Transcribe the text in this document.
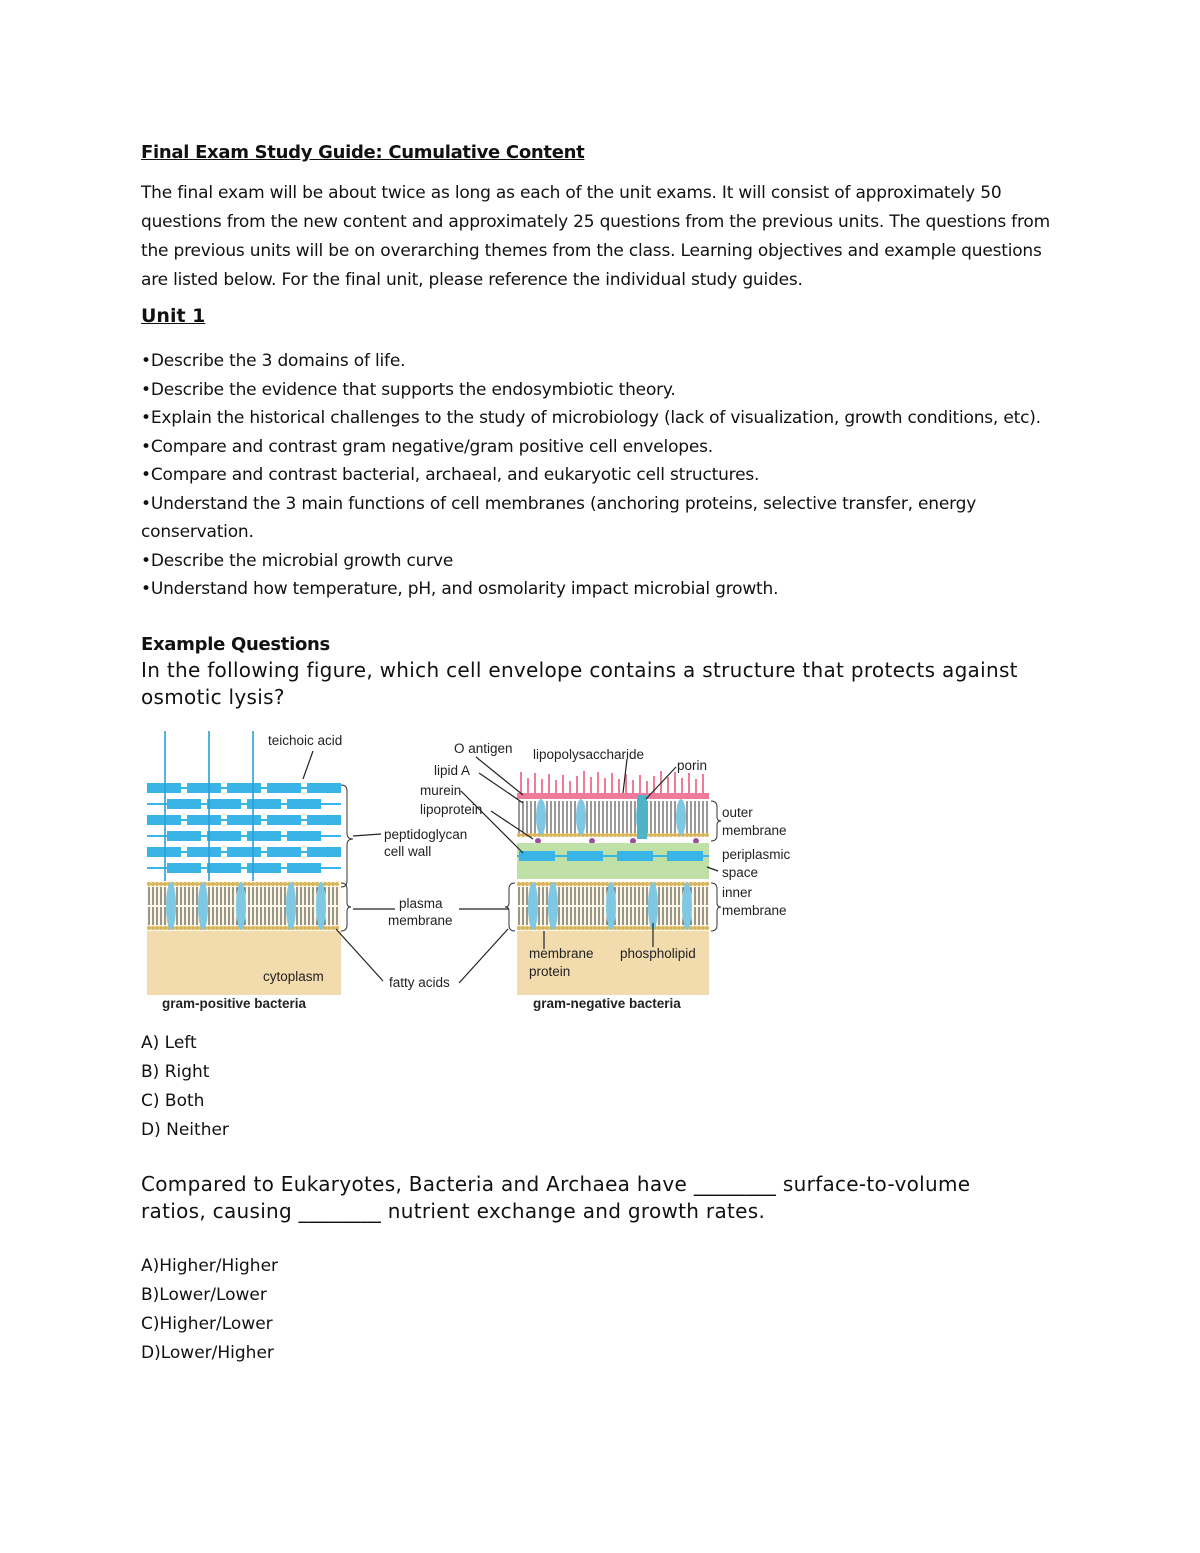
Final Exam Study Guide: Cumulative Content

The final exam will be about twice as long as each of the unit exams. It will consist of approximately 50 questions from the new content and approximately 25 questions from the previous units. The questions from the previous units will be on overarching themes from the class. Learning objectives and example questions are listed below. For the final unit, please reference the individual study guides.

Unit 1
•Describe the 3 domains of life.
•Describe the evidence that supports the endosymbiotic theory.
•Explain the historical challenges to the study of microbiology (lack of visualization, growth conditions, etc).
•Compare and contrast gram negative/gram positive cell envelopes.
•Compare and contrast bacterial, archaeal, and eukaryotic cell structures.
•Understand the 3 main functions of cell membranes (anchoring proteins, selective transfer, energy conservation.
•Describe the microbial growth curve
•Understand how temperature, pH, and osmolarity impact microbial growth.
Example Questions

In the following figure, which cell envelope contains a structure that protects against osmotic lysis?

teichoic acid
peptidoglycan
cell wall
plasma
membrane
cytoplasm	fatty acids
O antigen lipopolysaccharide
lipid A
murein
lipoprotein
porin
outer
membrane
periplasmic
space
inner
membrane
membrane
protein
phospholipid
gram-positive bacteria	gram-negative bacteria
A) Left
B) Right
C) Both
D) Neither

Compared to Eukaryotes, Bacteria and Archaea have ________ surface-to-volume ratios, causing ________ nutrient exchange and growth rates.

A)Higher/Higher
B)Lower/Lower
C)Higher/Lower
D)Lower/Higher
